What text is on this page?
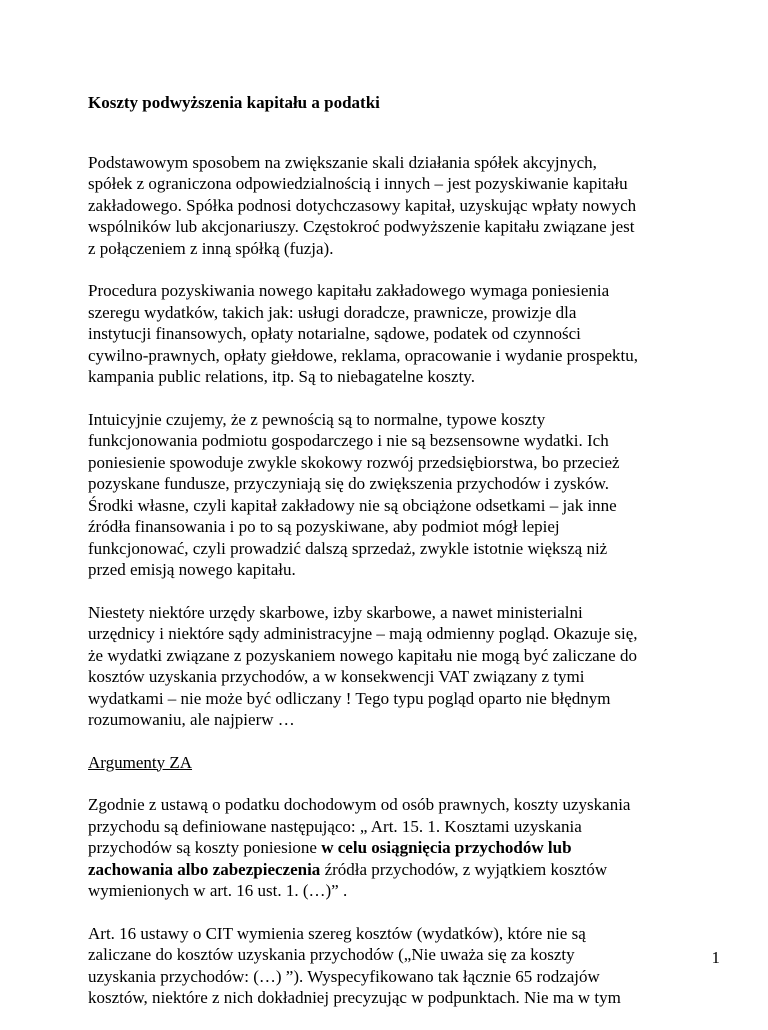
Koszty podwyższenia kapitału a podatki
Podstawowym sposobem na zwiększanie skali działania spółek akcyjnych,
spółek z ograniczona odpowiedzialnością i innych – jest pozyskiwanie kapitału
zakładowego. Spółka podnosi dotychczasowy kapitał, uzyskując wpłaty nowych
wspólników lub akcjonariuszy. Częstokroć podwyższenie kapitału związane jest
z połączeniem z inną spółką (fuzja).
Procedura pozyskiwania nowego kapitału zakładowego wymaga poniesienia
szeregu wydatków, takich jak: usługi doradcze, prawnicze, prowizje dla
instytucji finansowych, opłaty notarialne, sądowe, podatek od czynności
cywilno-prawnych, opłaty giełdowe, reklama, opracowanie i wydanie prospektu,
kampania public relations, itp. Są to niebagatelne koszty.
Intuicyjnie czujemy, że z pewnością są to normalne, typowe koszty
funkcjonowania podmiotu gospodarczego i nie są bezsensowne wydatki. Ich
poniesienie spowoduje zwykle skokowy rozwój przedsiębiorstwa, bo przecież
pozyskane fundusze, przyczyniają się do zwiększenia przychodów i zysków.
Środki własne, czyli kapitał zakładowy nie są obciążone odsetkami – jak inne
źródła finansowania i po to są pozyskiwane, aby podmiot mógł lepiej
funkcjonować, czyli prowadzić dalszą sprzedaż, zwykle istotnie większą niż
przed emisją nowego kapitału.
Niestety niektóre urzędy skarbowe, izby skarbowe, a nawet ministerialni
urzędnicy i niektóre sądy administracyjne – mają odmienny pogląd. Okazuje się,
że wydatki związane z pozyskaniem nowego kapitału nie mogą być zaliczane do
kosztów uzyskania przychodów, a w konsekwencji VAT związany z tymi
wydatkami – nie może być odliczany ! Tego typu pogląd oparto nie błędnym
rozumowaniu, ale najpierw …
Argumenty ZA
Zgodnie z ustawą o podatku dochodowym od osób prawnych, koszty uzyskania
przychodu są definiowane następująco: „ Art. 15. 1. Kosztami uzyskania
przychodów są koszty poniesione w celu osiągnięcia przychodów lub
zachowania albo zabezpieczenia źródła przychodów, z wyjątkiem kosztów
wymienionych w art. 16 ust. 1. (…)” .
Art. 16 ustawy o CIT wymienia szereg kosztów (wydatków), które nie są
zaliczane do kosztów uzyskania przychodów („Nie uważa się za koszty
uzyskania przychodów: (…) ”). Wyspecyfikowano tak łącznie 65 rodzajów
kosztów, niektóre z nich dokładniej precyzując w podpunktach. Nie ma w tym
1
